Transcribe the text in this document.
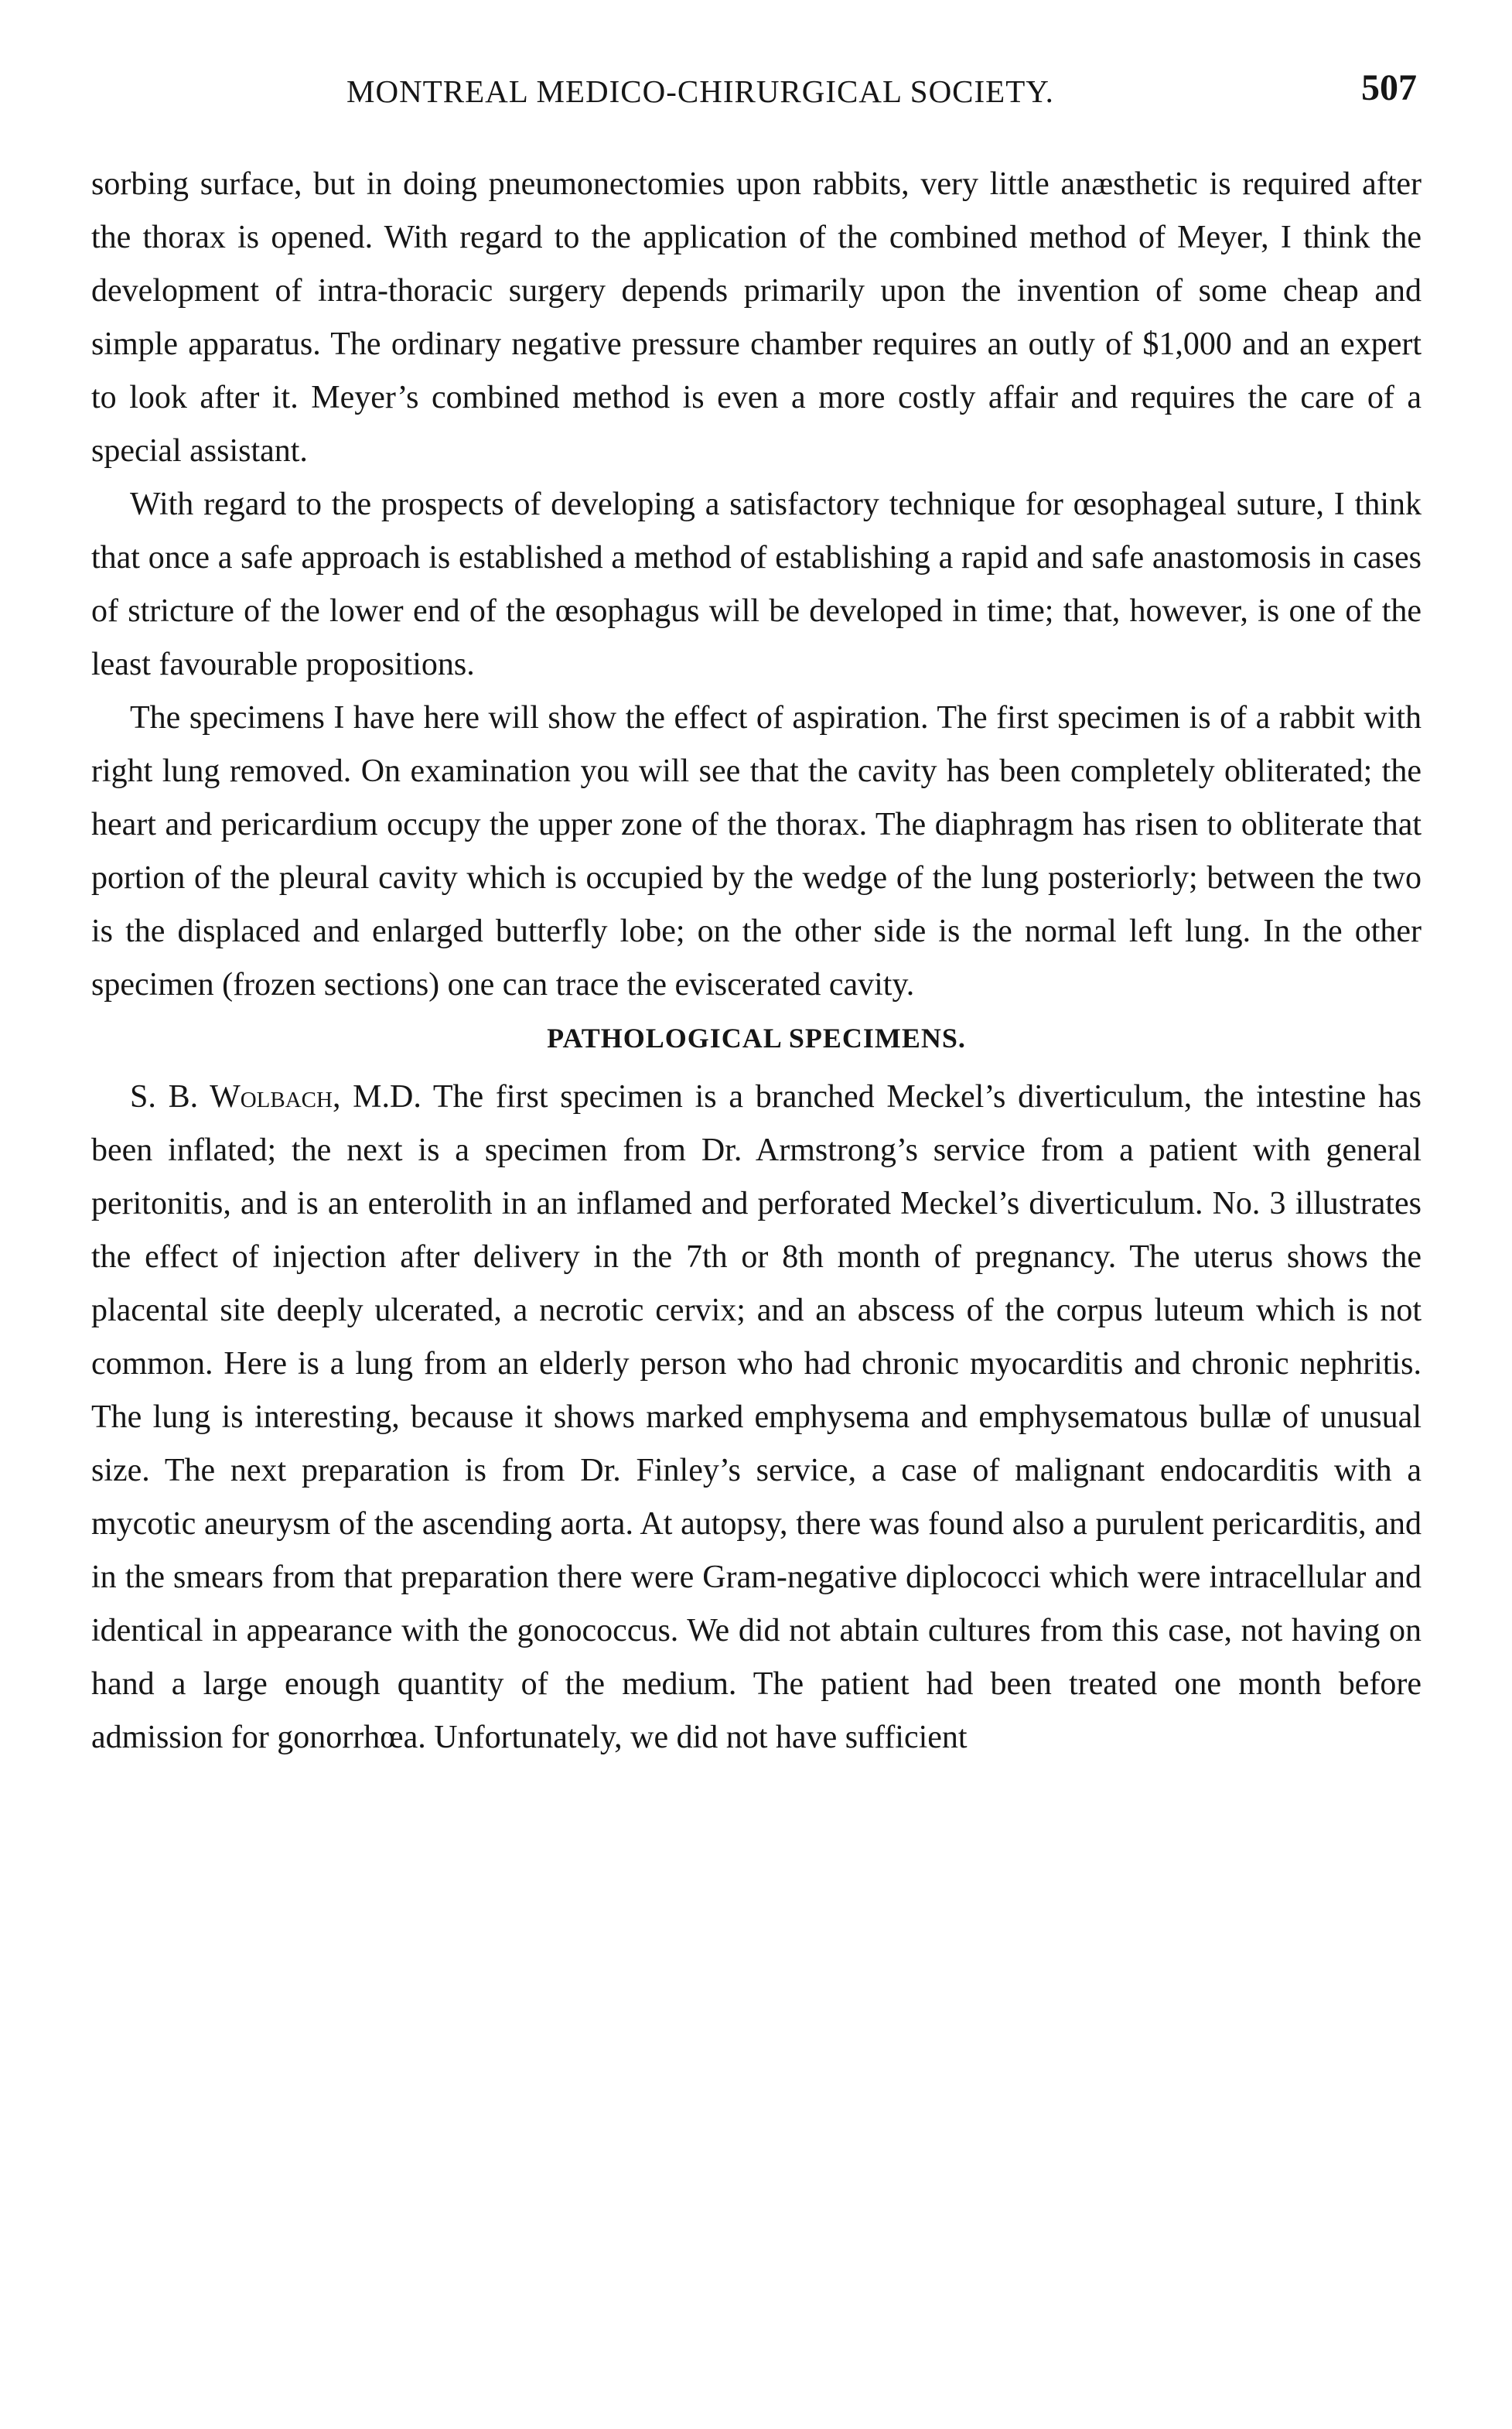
MONTREAL MEDICO-CHIRURGICAL SOCIETY.	507

sorbing surface, but in doing pneumonectomies upon rabbits, very little anæsthetic is required after the thorax is opened. With regard to the application of the combined method of Meyer, I think the development of intra-thoracic surgery depends primarily upon the invention of some cheap and simple apparatus. The ordinary negative pressure chamber requires an outly of $1,000 and an expert to look after it. Meyer’s combined method is even a more costly affair and requires the care of a special assistant.

With regard to the prospects of developing a satisfactory technique for œsophageal suture, I think that once a safe approach is established a method of establishing a rapid and safe anastomosis in cases of stricture of the lower end of the œsophagus will be developed in time; that, however, is one of the least favourable propositions.

The specimens I have here will show the effect of aspiration. The first specimen is of a rabbit with right lung removed. On examination you will see that the cavity has been completely obliterated; the heart and pericardium occupy the upper zone of the thorax. The diaphragm has risen to obliterate that portion of the pleural cavity which is occupied by the wedge of the lung posteriorly; between the two is the displaced and enlarged butterfly lobe; on the other side is the normal left lung. In the other specimen (frozen sections) one can trace the eviscerated cavity.

PATHOLOGICAL SPECIMENS.

S. B. Wolbach, M.D. The first specimen is a branched Meckel’s diverticulum, the intestine has been inflated; the next is a specimen from Dr. Armstrong’s service from a patient with general peritonitis, and is an enterolith in an inflamed and perforated Meckel’s diverticulum. No. 3 illustrates the effect of injection after delivery in the 7th or 8th month of pregnancy. The uterus shows the placental site deeply ulcerated, a necrotic cervix; and an abscess of the corpus luteum which is not common. Here is a lung from an elderly person who had chronic myocarditis and chronic nephritis. The lung is interesting, because it shows marked emphysema and emphysematous bullæ of unusual size. The next preparation is from Dr. Finley’s service, a case of malignant endocarditis with a mycotic aneurysm of the ascending aorta. At autopsy, there was found also a purulent pericarditis, and in the smears from that preparation there were Gram-negative diplococci which were intracellular and identical in appearance with the gonococcus. We did not abtain cultures from this case, not having on hand a large enough quantity of the medium. The patient had been treated one month before admission for gonorrhœa. Unfortunately, we did not have sufficient
